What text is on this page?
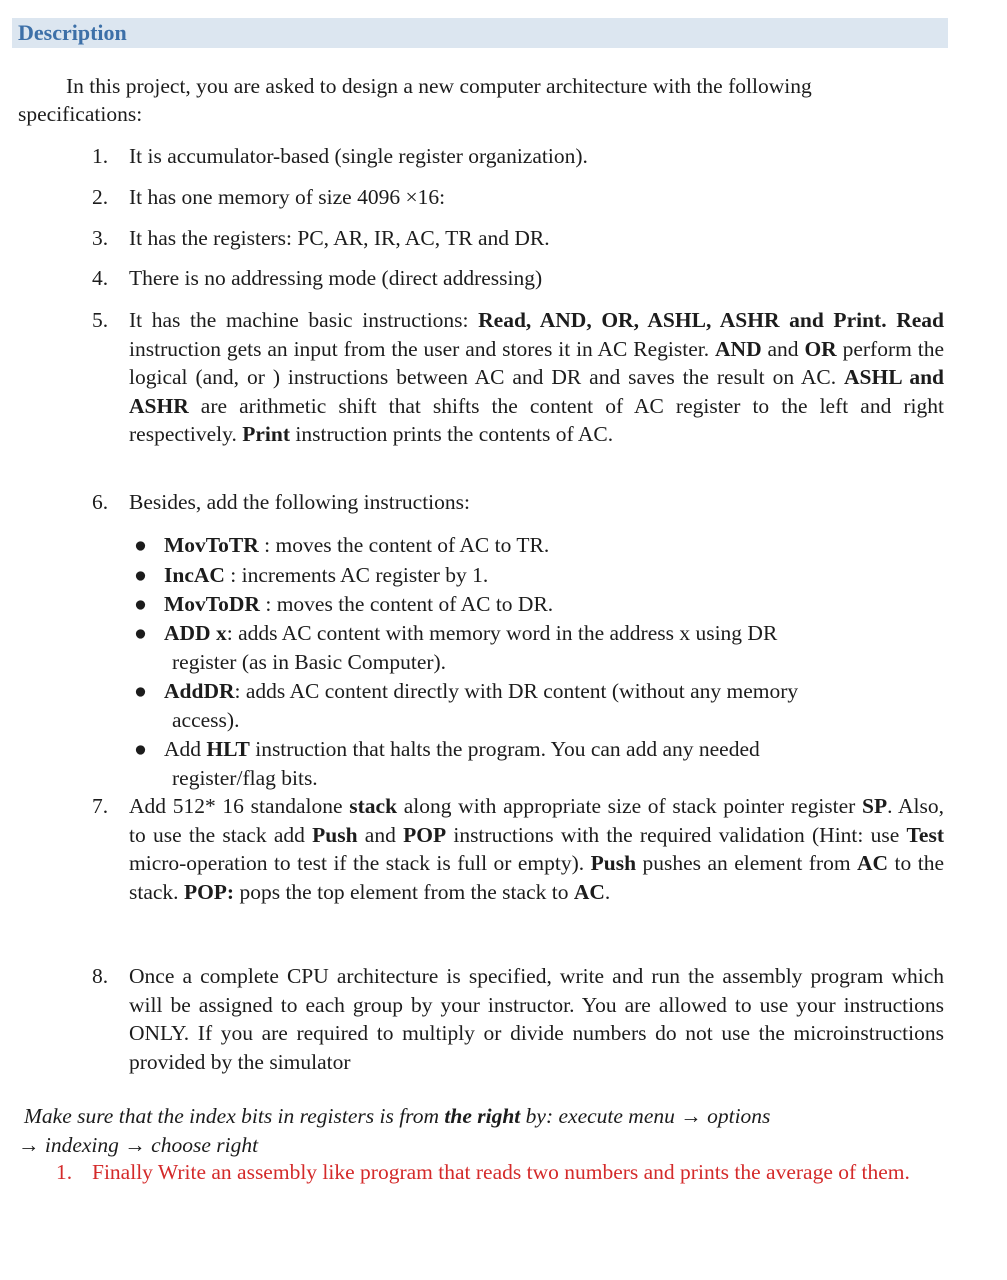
Description
In this project, you are asked to design a new computer architecture with the following specifications:
1. It is accumulator-based (single register organization).
2. It has one memory of size 4096 ×16:
3. It has the registers: PC, AR, IR, AC, TR and DR.
4. There is no addressing mode (direct addressing)
5. It has the machine basic instructions: Read, AND, OR, ASHL, ASHR and Print. Read instruction gets an input from the user and stores it in AC Register. AND and OR perform the logical (and, or ) instructions between AC and DR and saves the result on AC. ASHL and ASHR are arithmetic shift that shifts the content of AC register to the left and right respectively. Print instruction prints the contents of AC.
6. Besides, add the following instructions:
● MovToTR : moves the content of AC to TR.
● IncAC : increments AC register by 1.
● MovToDR : moves the content of AC to DR.
● ADD x: adds AC content with memory word in the address x using DR
register (as in Basic Computer).
● AddDR: adds AC content directly with DR content (without any memory
access).
● Add HLT instruction that halts the program. You can add any needed
register/flag bits.
7. Add 512* 16 standalone stack along with appropriate size of stack pointer register SP. Also, to use the stack add Push and POP instructions with the required validation (Hint: use Test micro-operation to test if the stack is full or empty). Push pushes an element from AC to the stack. POP: pops the top element from the stack to AC.
8. Once a complete CPU architecture is specified, write and run the assembly program which will be assigned to each group by your instructor. You are allowed to use your instructions ONLY. If you are required to multiply or divide numbers do not use the microinstructions provided by the simulator
Make sure that the index bits in registers is from the right by: execute menu → options
→ indexing → choose right
1. Finally Write an assembly like program that reads two numbers and prints the average of them.
